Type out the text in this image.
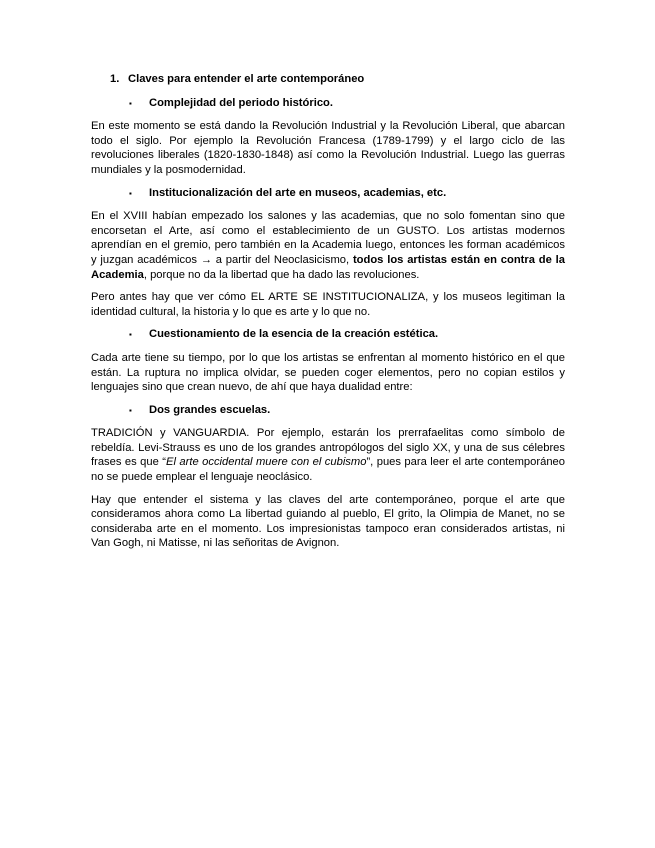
1. Claves para entender el arte contemporáneo
▪	Complejidad del periodo histórico.

En este momento se está dando la Revolución Industrial y la Revolución Liberal, que abarcan todo el siglo. Por ejemplo la Revolución Francesa (1789-1799) y el largo ciclo de las revoluciones liberales (1820-1830-1848) así como la Revolución Industrial. Luego las guerras mundiales y la posmodernidad.

▪	Institucionalización del arte en museos, academias, etc.

En el XVIII habían empezado los salones y las academias, que no solo fomentan sino que encorsetan el Arte, así como el establecimiento de un GUSTO. Los artistas modernos aprendían en el gremio, pero también en la Academia luego, entonces les forman académicos y juzgan académicos → a partir del Neoclasicismo, todos los artistas están en contra de la Academia, porque no da la libertad que ha dado las revoluciones.

Pero antes hay que ver cómo EL ARTE SE INSTITUCIONALIZA, y los museos legitiman la identidad cultural, la historia y lo que es arte y lo que no.

▪	Cuestionamiento de la esencia de la creación estética.

Cada arte tiene su tiempo, por lo que los artistas se enfrentan al momento histórico en el que están. La ruptura no implica olvidar, se pueden coger elementos, pero no copian estilos y lenguajes sino que crean nuevo, de ahí que haya dualidad entre:

▪	Dos grandes escuelas.

TRADICIÓN y VANGUARDIA. Por ejemplo, estarán los prerrafaelitas como símbolo de rebeldía. Levi-Strauss es uno de los grandes antropólogos del siglo XX, y una de sus célebres frases es que “El arte occidental muere con el cubismo”, pues para leer el arte contemporáneo no se puede emplear el lenguaje neoclásico.

Hay que entender el sistema y las claves del arte contemporáneo, porque el arte que consideramos ahora como La libertad guiando al pueblo, El grito, la Olimpia de Manet, no se consideraba arte en el momento. Los impresionistas tampoco eran considerados artistas, ni Van Gogh, ni Matisse, ni las señoritas de Avignon.
